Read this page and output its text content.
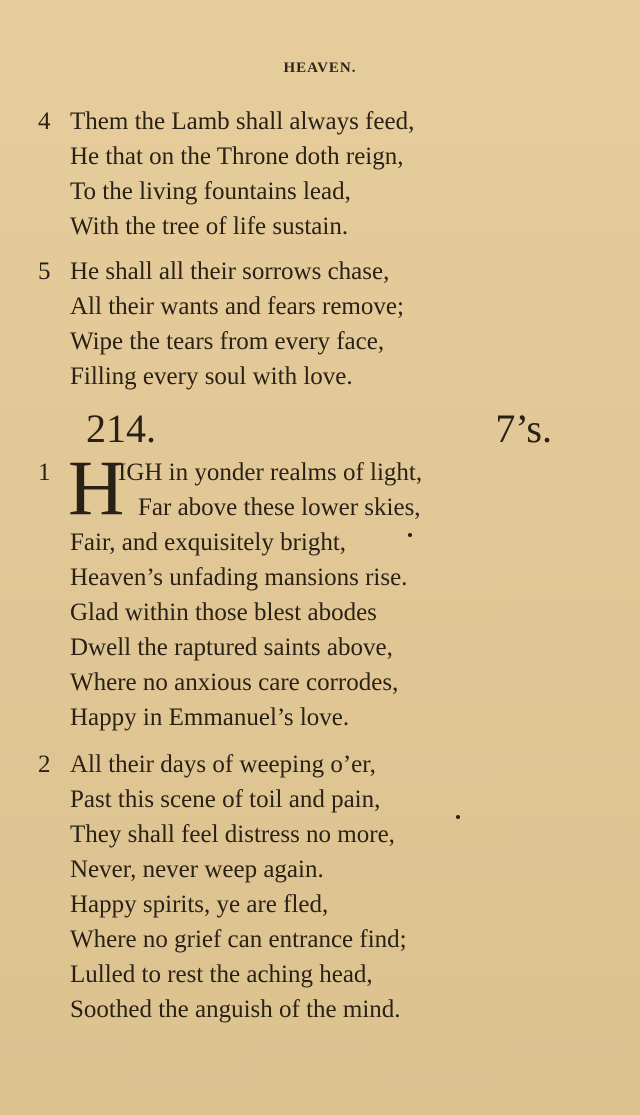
HEAVEN.
4 Them the Lamb shall always feed,
He that on the Throne doth reign,
To the living fountains lead,
With the tree of life sustain.
5 He shall all their sorrows chase,
All their wants and fears remove;
Wipe the tears from every face,
Filling every soul with love.
214.	7’s.
1 H
IGH in yonder realms of light,
Far above these lower skies,
Fair, and exquisitely bright,
Heaven’s unfading mansions rise.
Glad within those blest abodes
Dwell the raptured saints above,
Where no anxious care corrodes,
Happy in Emmanuel’s love.
2 All their days of weeping o’er,
Past this scene of toil and pain,
They shall feel distress no more,
Never, never weep again.
Happy spirits, ye are fled,
Where no grief can entrance find;
Lulled to rest the aching head,
Soothed the anguish of the mind.
